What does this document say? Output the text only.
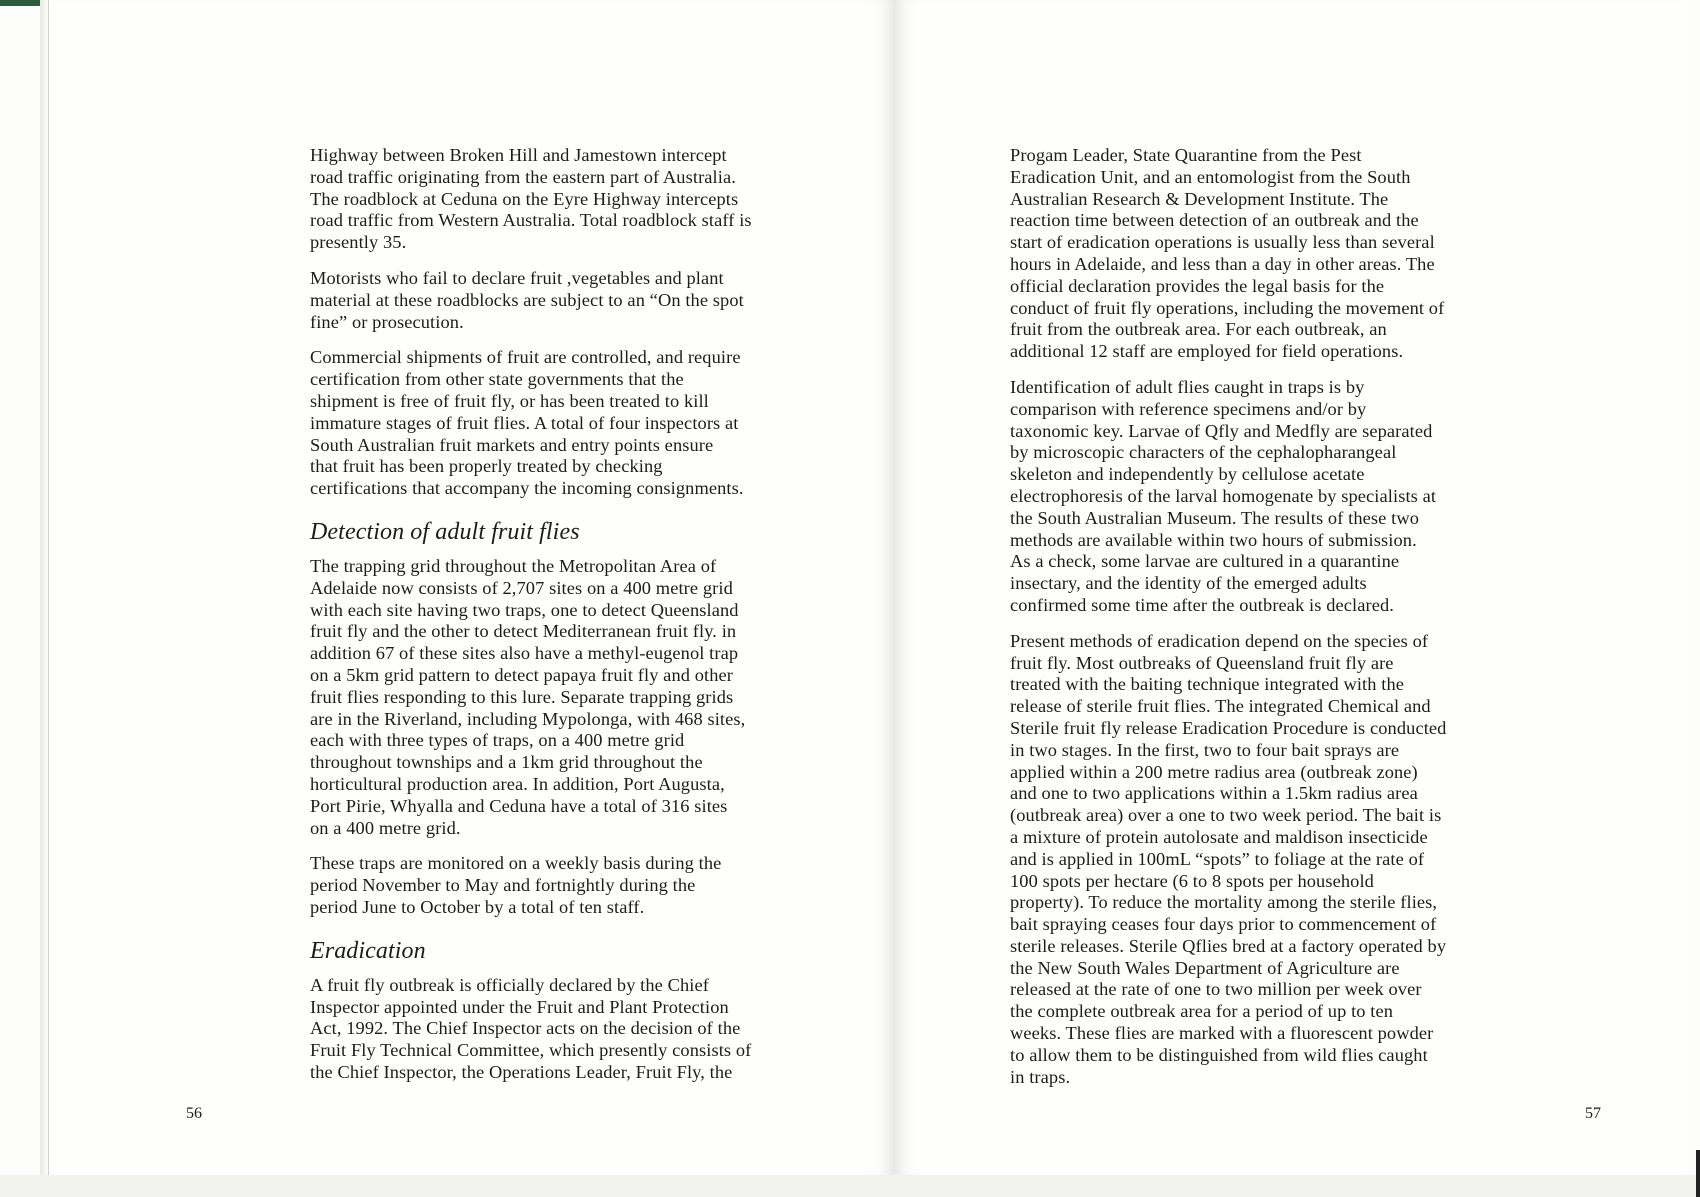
Highway between Broken Hill and Jamestown intercept
road traffic originating from the eastern part of Australia.
The roadblock at Ceduna on the Eyre Highway intercepts
road traffic from Western Australia. Total roadblock staff is
presently 35.

Motorists who fail to declare fruit ,vegetables and plant
material at these roadblocks are subject to an “On the spot
fine” or prosecution.

Commercial shipments of fruit are controlled, and require
certification from other state governments that the
shipment is free of fruit fly, or has been treated to kill
immature stages of fruit flies. A total of four inspectors at
South Australian fruit markets and entry points ensure
that fruit has been properly treated by checking
certifications that accompany the incoming consignments.

Detection of adult fruit flies

The trapping grid throughout the Metropolitan Area of
Adelaide now consists of 2,707 sites on a 400 metre grid
with each site having two traps, one to detect Queensland
fruit fly and the other to detect Mediterranean fruit fly. in
addition 67 of these sites also have a methyl-eugenol trap
on a 5km grid pattern to detect papaya fruit fly and other
fruit flies responding to this lure. Separate trapping grids
are in the Riverland, including Mypolonga, with 468 sites,
each with three types of traps, on a 400 metre grid
throughout townships and a 1km grid throughout the
horticultural production area. In addition, Port Augusta,
Port Pirie, Whyalla and Ceduna have a total of 316 sites
on a 400 metre grid.

These traps are monitored on a weekly basis during the
period November to May and fortnightly during the
period June to October by a total of ten staff.

Eradication

A fruit fly outbreak is officially declared by the Chief
Inspector appointed under the Fruit and Plant Protection
Act, 1992. The Chief Inspector acts on the decision of the
Fruit Fly Technical Committee, which presently consists of
the Chief Inspector, the Operations Leader, Fruit Fly, the

Progam Leader, State Quarantine from the Pest
Eradication Unit, and an entomologist from the South
Australian Research & Development Institute. The
reaction time between detection of an outbreak and the
start of eradication operations is usually less than several
hours in Adelaide, and less than a day in other areas. The
official declaration provides the legal basis for the
conduct of fruit fly operations, including the movement of
fruit from the outbreak area. For each outbreak, an
additional 12 staff are employed for field operations.

Identification of adult flies caught in traps is by
comparison with reference specimens and/or by
taxonomic key. Larvae of Qfly and Medfly are separated
by microscopic characters of the cephalopharangeal
skeleton and independently by cellulose acetate
electrophoresis of the larval homogenate by specialists at
the South Australian Museum. The results of these two
methods are available within two hours of submission.
As a check, some larvae are cultured in a quarantine
insectary, and the identity of the emerged adults
confirmed some time after the outbreak is declared.

Present methods of eradication depend on the species of
fruit fly. Most outbreaks of Queensland fruit fly are
treated with the baiting technique integrated with the
release of sterile fruit flies. The integrated Chemical and
Sterile fruit fly release Eradication Procedure is conducted
in two stages. In the first, two to four bait sprays are
applied within a 200 metre radius area (outbreak zone)
and one to two applications within a 1.5km radius area
(outbreak area) over a one to two week period. The bait is
a mixture of protein autolosate and maldison insecticide
and is applied in 100mL “spots” to foliage at the rate of
100 spots per hectare (6 to 8 spots per household
property). To reduce the mortality among the sterile flies,
bait spraying ceases four days prior to commencement of
sterile releases. Sterile Qflies bred at a factory operated by
the New South Wales Department of Agriculture are
released at the rate of one to two million per week over
the complete outbreak area for a period of up to ten
weeks. These flies are marked with a fluorescent powder
to allow them to be distinguished from wild flies caught
in traps.

56	57
